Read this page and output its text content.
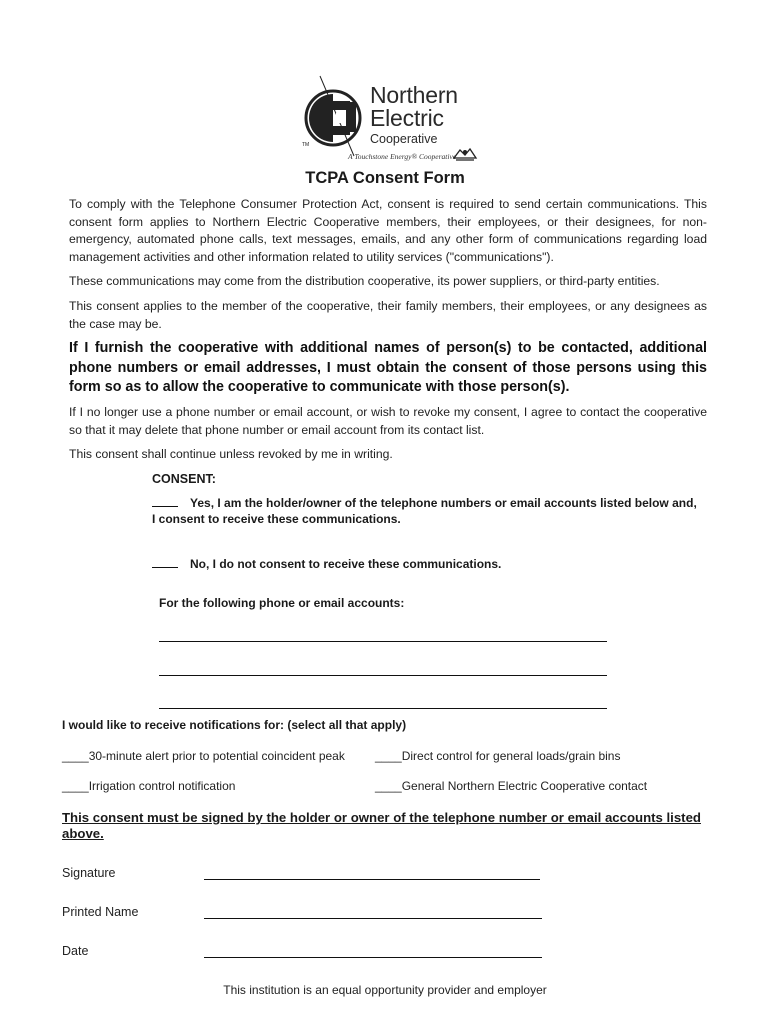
Northern
Electric
Cooperative
TM
A Touchstone Energy® Cooperative
TCPA Consent Form
To comply with the Telephone Consumer Protection Act, consent is required to send certain communications. This consent form applies to Northern Electric Cooperative members, their employees, or their designees, for non-emergency, automated phone calls, text messages, emails, and any other form of communications regarding load management activities and other information related to utility services ("communications").
These communications may come from the distribution cooperative, its power suppliers, or third-party entities.
This consent applies to the member of the cooperative, their family members, their employees, or any designees as the case may be.
If I furnish the cooperative with additional names of person(s) to be contacted, additional phone numbers or email addresses, I must obtain the consent of those persons using this form so as to allow the cooperative to communicate with those person(s).
If I no longer use a phone number or email account, or wish to revoke my consent, I agree to contact the cooperative so that it may delete that phone number or email account from its contact list.
This consent shall continue unless revoked by me in writing.
CONSENT:
Yes, I am the holder/owner of the telephone numbers or email accounts listed below and, I consent to receive these communications.
No, I do not consent to receive these communications.
For the following phone or email accounts:
I would like to receive notifications for: (select all that apply)
____30-minute alert prior to potential coincident peak	____Direct control for general loads/grain bins
____Irrigation control notification	____General Northern Electric Cooperative contact
This consent must be signed by the holder or owner of the telephone number or email accounts listed above.
Signature
Printed Name
Date
This institution is an equal opportunity provider and employer
